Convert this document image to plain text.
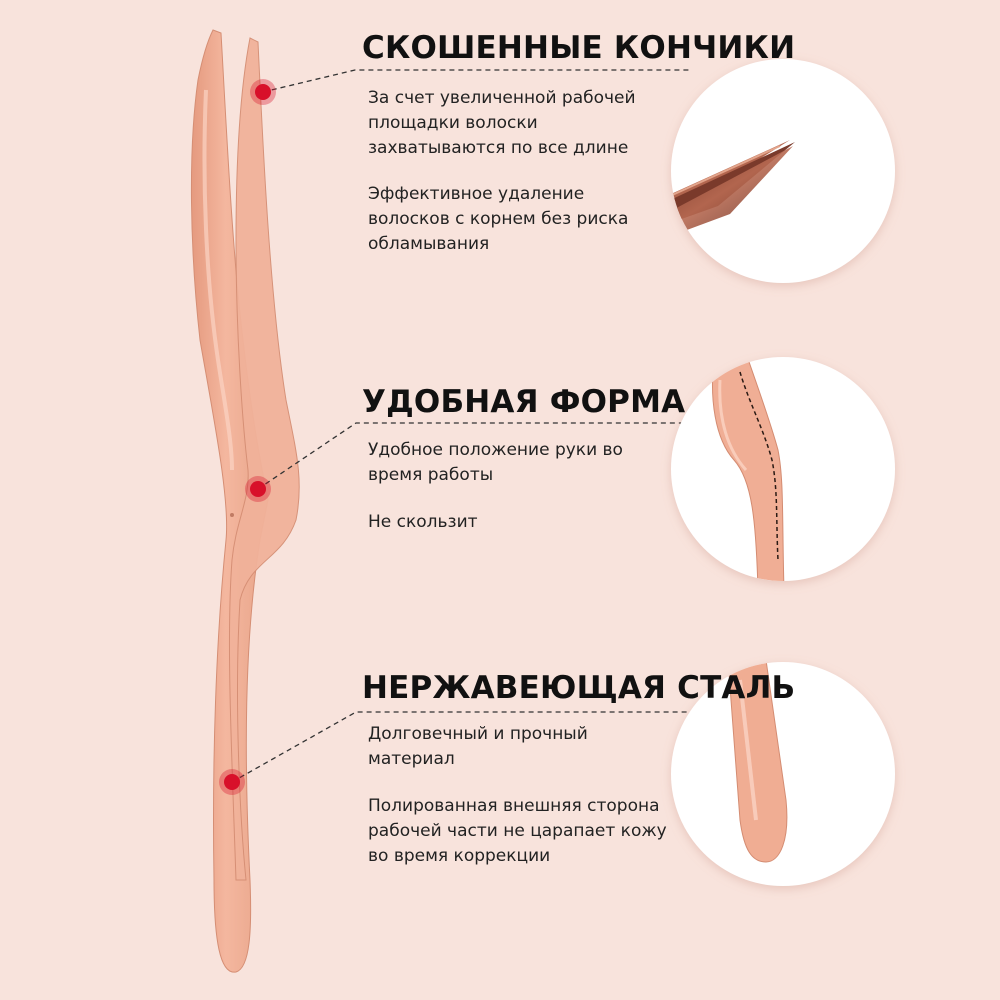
СКОШЕННЫЕ КОНЧИКИ

За счет увеличенной рабочей площадки волоски захватываются по все длине

Эффективное удаление волосков с корнем без риска обламывания

УДОБНАЯ ФОРМА

Удобное положение руки во время работы

Не скользит

НЕРЖАВЕЮЩАЯ СТАЛЬ

Долговечный и прочный материал

Полированная внешняя сторона рабочей части не царапает кожу во время коррекции
